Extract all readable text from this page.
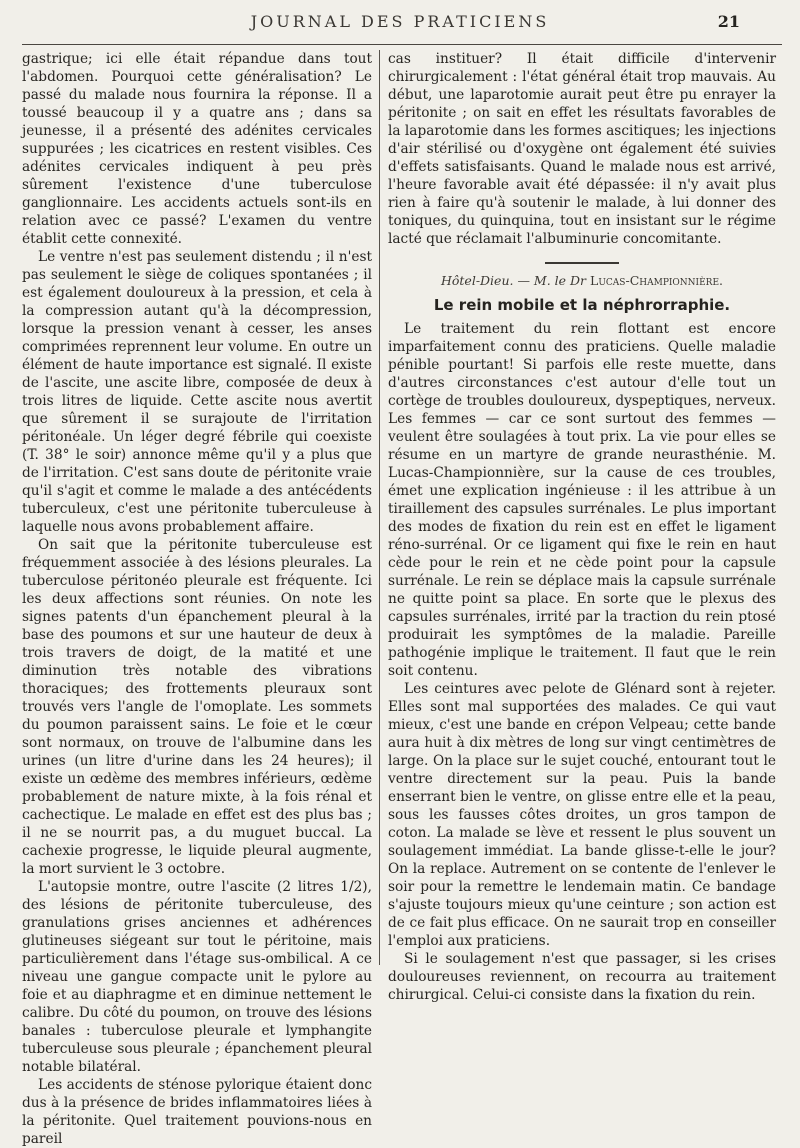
JOURNAL DES PRATICIENS	21

gastrique; ici elle était répandue dans tout l'abdomen. Pourquoi cette généralisation? Le passé du malade nous fournira la réponse. Il a toussé beaucoup il y a quatre ans ; dans sa jeunesse, il a présenté des adénites cervicales suppurées ; les cicatrices en restent visibles. Ces adénites cervicales indiquent à peu près sûrement l'existence d'une tuberculose ganglionnaire. Les accidents actuels sont-ils en relation avec ce passé? L'examen du ventre établit cette connexité.

Le ventre n'est pas seulement distendu ; il n'est pas seulement le siège de coliques spontanées ; il est également douloureux à la pression, et cela à la compression autant qu'à la décompression, lorsque la pression venant à cesser, les anses comprimées reprennent leur volume. En outre un élément de haute importance est signalé. Il existe de l'ascite, une ascite libre, composée de deux à trois litres de liquide. Cette ascite nous avertit que sûrement il se surajoute de l'irritation péritonéale. Un léger degré fébrile qui coexiste (T. 38° le soir) annonce même qu'il y a plus que de l'irritation. C'est sans doute de péritonite vraie qu'il s'agit et comme le malade a des antécédents tuberculeux, c'est une péritonite tuberculeuse à laquelle nous avons probablement affaire.

On sait que la péritonite tuberculeuse est fréquemment associée à des lésions pleurales. La tuberculose péritonéo pleurale est fréquente. Ici les deux affections sont réunies. On note les signes patents d'un épanchement pleural à la base des poumons et sur une hauteur de deux à trois travers de doigt, de la matité et une diminution très notable des vibrations thoraciques; des frottements pleuraux sont trouvés vers l'angle de l'omoplate. Les sommets du poumon paraissent sains. Le foie et le cœur sont normaux, on trouve de l'albumine dans les urines (un litre d'urine dans les 24 heures); il existe un œdème des membres inférieurs, œdème probablement de nature mixte, à la fois rénal et cachectique. Le malade en effet est des plus bas ; il ne se nourrit pas, a du muguet buccal. La cachexie progresse, le liquide pleural augmente, la mort survient le 3 octobre.

L'autopsie montre, outre l'ascite (2 litres 1/2), des lésions de péritonite tuberculeuse, des granulations grises anciennes et adhérences glutineuses siégeant sur tout le péritoine, mais particulièrement dans l'étage sus-ombilical. A ce niveau une gangue compacte unit le pylore au foie et au diaphragme et en diminue nettement le calibre. Du côté du poumon, on trouve des lésions banales : tuberculose pleurale et lymphangite tuberculeuse sous pleurale ; épanchement pleural notable bilatéral.

Les accidents de sténose pylorique étaient donc dus à la présence de brides inflammatoires liées à la péritonite. Quel traitement pouvions-nous en pareil

cas instituer? Il était difficile d'intervenir chirurgicalement : l'état général était trop mauvais. Au début, une laparotomie aurait peut être pu enrayer la péritonite ; on sait en effet les résultats favorables de la laparotomie dans les formes ascitiques; les injections d'air stérilisé ou d'oxygène ont également été suivies d'effets satisfaisants. Quand le malade nous est arrivé, l'heure favorable avait été dépassée: il n'y avait plus rien à faire qu'à soutenir le malade, à lui donner des toniques, du quinquina, tout en insistant sur le régime lacté que réclamait l'albuminurie concomitante.

Hôtel-Dieu. — M. le Dr Lucas-Championnière.

Le rein mobile et la néphrorraphie.

Le traitement du rein flottant est encore imparfaitement connu des praticiens. Quelle maladie pénible pourtant! Si parfois elle reste muette, dans d'autres circonstances c'est autour d'elle tout un cortège de troubles douloureux, dyspeptiques, nerveux. Les femmes — car ce sont surtout des femmes — veulent être soulagées à tout prix. La vie pour elles se résume en un martyre de grande neurasthénie. M. Lucas-Championnière, sur la cause de ces troubles, émet une explication ingénieuse : il les attribue à un tiraillement des capsules surrénales. Le plus important des modes de fixation du rein est en effet le ligament réno-surrénal. Or ce ligament qui fixe le rein en haut cède pour le rein et ne cède point pour la capsule surrénale. Le rein se déplace mais la capsule surrénale ne quitte point sa place. En sorte que le plexus des capsules surrénales, irrité par la traction du rein ptosé produirait les symptômes de la maladie. Pareille pathogénie implique le traitement. Il faut que le rein soit contenu.

Les ceintures avec pelote de Glénard sont à rejeter. Elles sont mal supportées des malades. Ce qui vaut mieux, c'est une bande en crépon Velpeau; cette bande aura huit à dix mètres de long sur vingt centimètres de large. On la place sur le sujet couché, entourant tout le ventre directement sur la peau. Puis la bande enserrant bien le ventre, on glisse entre elle et la peau, sous les fausses côtes droites, un gros tampon de coton. La malade se lève et ressent le plus souvent un soulagement immédiat. La bande glisse-t-elle le jour? On la replace. Autrement on se contente de l'enlever le soir pour la remettre le lendemain matin. Ce bandage s'ajuste toujours mieux qu'une ceinture ; son action est de ce fait plus efficace. On ne saurait trop en conseiller l'emploi aux praticiens.

Si le soulagement n'est que passager, si les crises douloureuses reviennent, on recourra au traitement chirurgical. Celui-ci consiste dans la fixation du rein.
